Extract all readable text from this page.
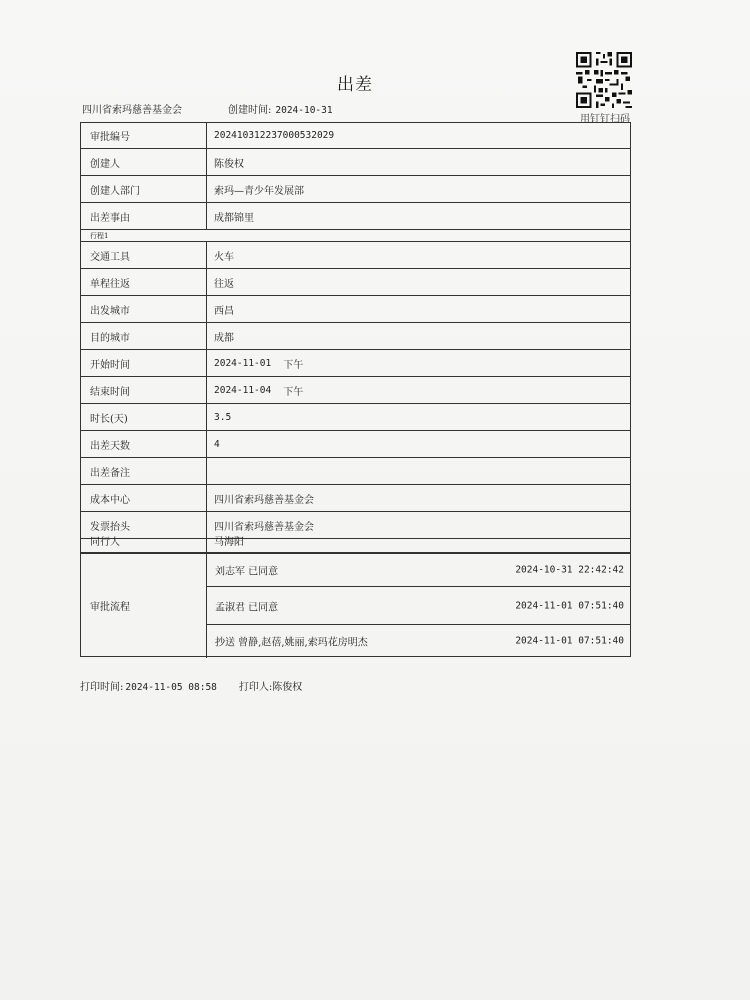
出差
四川省索玛慈善基金会	创建时间: 2024-10-31
用钉钉扫码
审批编号	202410312237000532029
创建人	陈俊权
创建人部门	索玛—青少年发展部
出差事由	成都锦里
行程1
交通工具	火车
单程往返	往返
出发城市	西昌
目的城市	成都
开始时间	2024-11-01 下午
结束时间	2024-11-04 下午
时长(天)	3.5
出差天数	4
出差备注
成本中心	四川省索玛慈善基金会
发票抬头	四川省索玛慈善基金会
同行人	马海阳
审批流程
刘志军 已同意	2024-10-31 22:42:42
孟淑君 已同意	2024-11-01 07:51:40
抄送 曾静,赵蓓,姚丽,索玛花房明杰	2024-11-01 07:51:40
打印时间: 2024-11-05 08:58 打印人:陈俊权
